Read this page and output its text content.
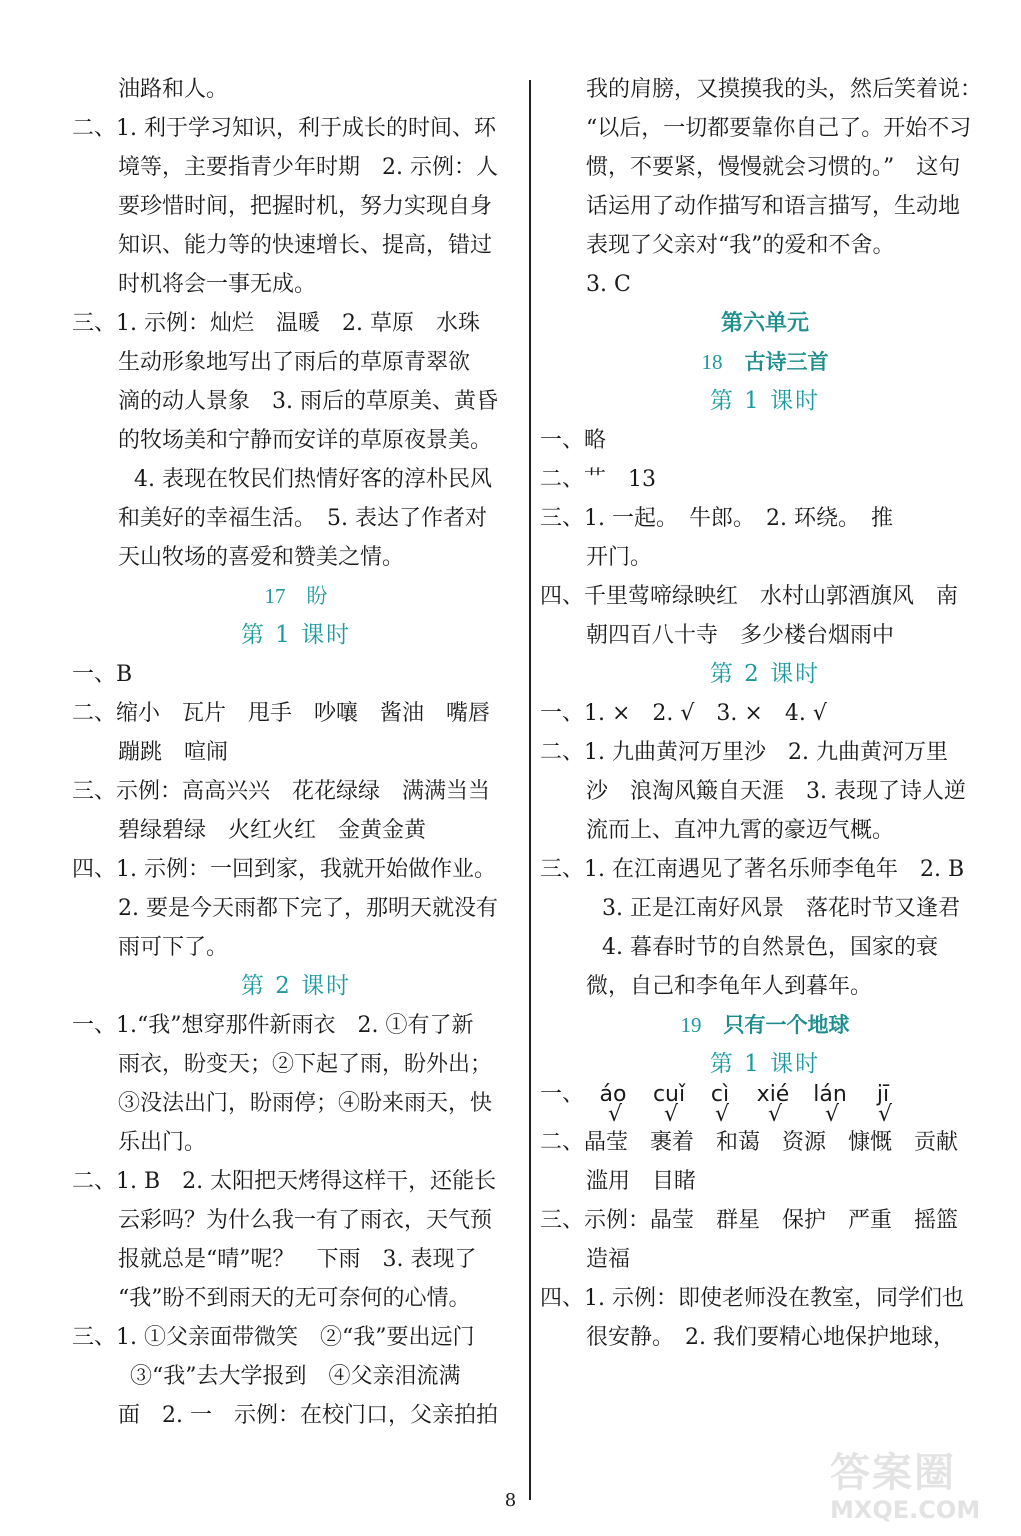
油路和人。
二、1. 利于学习知识，利于成长的时间、环
境等，主要指青少年时期　2. 示例：人
要珍惜时间，把握时机，努力实现自身
知识、能力等的快速增长、提高，错过
时机将会一事无成。
三、1. 示例：灿烂　温暖　2. 草原　水珠
生动形象地写出了雨后的草原青翠欲
滴的动人景象　3. 雨后的草原美、黄昏
的牧场美和宁静而安详的草原夜景美。
4. 表现在牧民们热情好客的淳朴民风
和美好的幸福生活。　5. 表达了作者对
天山牧场的喜爱和赞美之情。
17　盼
第 1 课时
一、B
二、缩小　瓦片　甩手　吵嚷　酱油　嘴唇
蹦跳　喧闹
三、示例：高高兴兴　花花绿绿　满满当当
碧绿碧绿　火红火红　金黄金黄
四、1. 示例：一回到家，我就开始做作业。
2. 要是今天雨都下完了，那明天就没有
雨可下了。
第 2 课时
一、1.“我”想穿那件新雨衣　2. ①有了新
雨衣，盼变天；②下起了雨，盼外出；
③没法出门，盼雨停；④盼来雨天，快
乐出门。
二、1. B　2. 太阳把天烤得这样干，还能长
云彩吗？为什么我一有了雨衣，天气预
报就总是“晴”呢？　下雨　3. 表现了
“我”盼不到雨天的无可奈何的心情。
三、1. ①父亲面带微笑　②“我”要出远门
③“我”去大学报到　④父亲泪流满
面　2. 一　示例：在校门口，父亲拍拍
我的肩膀，又摸摸我的头，然后笑着说：
“以后，一切都要靠你自己了。开始不习
惯，不要紧，慢慢就会习惯的。”　这句
话运用了动作描写和语言描写，生动地
表现了父亲对“我”的爱和不舍。
3. C
第六单元
18 古诗三首
第 1 课时
一、略
二、艹　13
三、1. 一起。　牛郎。　2. 环绕。　推
开门。
四、千里莺啼绿映红　水村山郭酒旗风　南
朝四百八十寺　多少楼台烟雨中
第 2 课时
一、1. ×　2. √　3. ×　4. √
二、1. 九曲黄河万里沙　2. 九曲黄河万里
沙　浪淘风簸自天涯　3. 表现了诗人逆
流而上、直冲九霄的豪迈气概。
三、1. 在江南遇见了著名乐师李龟年　2. B
3. 正是江南好风景　落花时节又逢君
4. 暮春时节的自然景色，国家的衰
微，自己和李龟年人到暮年。
19 只有一个地球
第 1 课时
一、 áo cuǐ cì xié lán jī
√ √ √ √ √ √
二、晶莹　裹着　和蔼　资源　慷慨　贡献
滥用　目睹
三、示例：晶莹　群星　保护　严重　摇篮
造福
四、1. 示例：即使老师没在教室，同学们也
很安静。　2. 我们要精心地保护地球，
8
答案圈
MXQE.COM
